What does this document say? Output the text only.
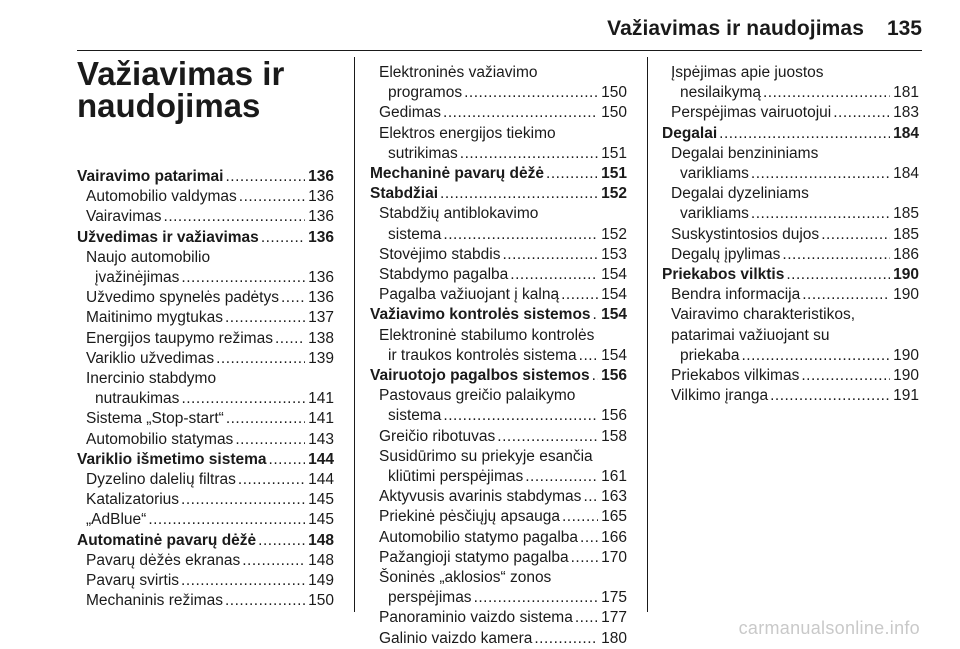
Važiavimas ir naudojimas 135
Važiavimas ir naudojimas
Vairavimo patarimai .....	136
Automobilio valdymas .....	136
Vairavimas .....	136
Užvedimas ir važiavimas .....	136
Naujo automobilio
įvažinėjimas .....	136
Užvedimo spynelės padėtys ..... 136
Maitinimo mygtukas .....	137
Energijos taupymo režimas ..... 138
Variklio užvedimas .....	139
Inercinio stabdymo
nutraukimas .....	141
Sistema „Stop-start“ .....	141
Automobilio statymas .....	143
Variklio išmetimo sistema .....	144
Dyzelino dalelių filtras .....	144
Katalizatorius .....	145
„AdBlue“ .....	145
Automatinė pavarų dėžė .....	148
Pavarų dėžės ekranas .....	148
Pavarų svirtis .....	149
Mechaninis režimas .....	150
Elektroninės važiavimo
programos .....	150
Gedimas .....	150
Elektros energijos tiekimo
sutrikimas .....	151
Mechaninė pavarų dėžė .....	151
Stabdžiai .....	152
Stabdžių antiblokavimo
sistema .....	152
Stovėjimo stabdis .....	153
Stabdymo pagalba .....	154
Pagalba važiuojant į kalną .....	154
Važiavimo kontrolės sistemos ..... 154
Elektroninė stabilumo kontrolės
ir traukos kontrolės sistema ..... 154
Vairuotojo pagalbos sistemos ..... 156
Pastovaus greičio palaikymo
sistema .....	156
Greičio ribotuvas .....	158
Susidūrimo su priekyje esančia
kliūtimi perspėjimas .....	161
Aktyvusis avarinis stabdymas ..... 163
Priekinė pėsčiųjų apsauga .....	165
Automobilio statymo pagalba ..... 166
Pažangioji statymo pagalba ..... 170
Šoninės „aklosios“ zonos
perspėjimas .....	175
Panoraminio vaizdo sistema ..... 177
Galinio vaizdo kamera .....	180
Įspėjimas apie juostos
nesilaikymą .....	181
Perspėjimas vairuotojui .....	183
Degalai .....	184
Degalai benzininiams
varikliams .....	184
Degalai dyzeliniams
varikliams .....	185
Suskystintosios dujos .....	185
Degalų įpylimas .....	186
Priekabos vilktis .....	190
Bendra informacija .....	190
Vairavimo charakteristikos,
patarimai važiuojant su
priekaba .....	190
Priekabos vilkimas .....	190
Vilkimo įranga .....	191
carmanualsonline.info
